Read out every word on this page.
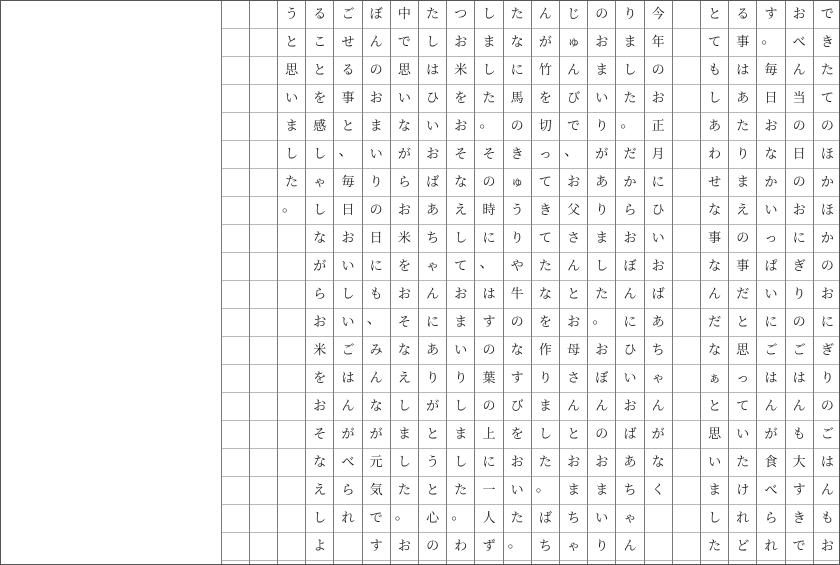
で
き
た
て
の
ほ
か
ほ
か
の
お
に
ぎ
り
の
ご
は
ん
も
お
お
べ
ん
当
の
日
の
お
に
ぎ
り
の
ご
は
ん
も
大
す
き
で
す
。
毎
日
お
な
か
い
っ
ぱ
い
に
ご
は
ん
が
食
べ
ら
れ
る
事
は
あ
た
り
ま
え
の
事
だ
と
思
っ
て
い
た
け
れ
ど
と
て
も
し
あ
わ
せ
な
事
な
ん
だ
な
ぁ
と
思
い
ま
し
た
今
年
の
お
正
月
に
ひ
い
お
ば
あ
ち
ゃ
ん
が
な
く
り
ま
し
た
。
だ
か
ら
お
ぼ
ん
に
ひ
い
お
ば
あ
ち
ゃ
ん
の
お
ま
い
り
が
あ
り
ま
し
た
。
お
ぼ
ん
の
お
ま
い
り
じ
ゅ
ん
び
で
、
お
父
さ
ん
と
お
母
さ
ん
と
お
ま
ち
ゃ
ん
が
竹
を
切
っ
て
き
て
た
な
を
作
り
ま
し
た
。
ば
ち
た
な
に
馬
の
き
ゅ
う
り
や
牛
の
な
す
び
を
お
い
た
。
し
ま
し
た
。
そ
の
時
に
、
は
す
の
葉
の
上
に
一
人
ず
つ
お
米
を
お
そ
な
え
し
て
お
ま
い
り
し
ま
し
た
。
わ
た
し
は
ひ
い
お
ば
あ
ち
ゃ
ん
に
あ
り
が
と
う
と
心
の
中
で
思
い
な
が
ら
お
米
を
お
そ
な
え
し
ま
し
た
。
お
ぼ
ん
の
お
ま
い
り
の
日
に
も
、
み
ん
な
が
元
気
で
す
ご
せ
る
事
と
、
毎
日
お
い
し
い
ご
は
ん
が
べ
ら
れ
る
こ
と
を
感
し
ゃ
し
な
が
ら
お
米
を
お
そ
な
え
し
よ
う
と
思
い
ま
し
た
。
